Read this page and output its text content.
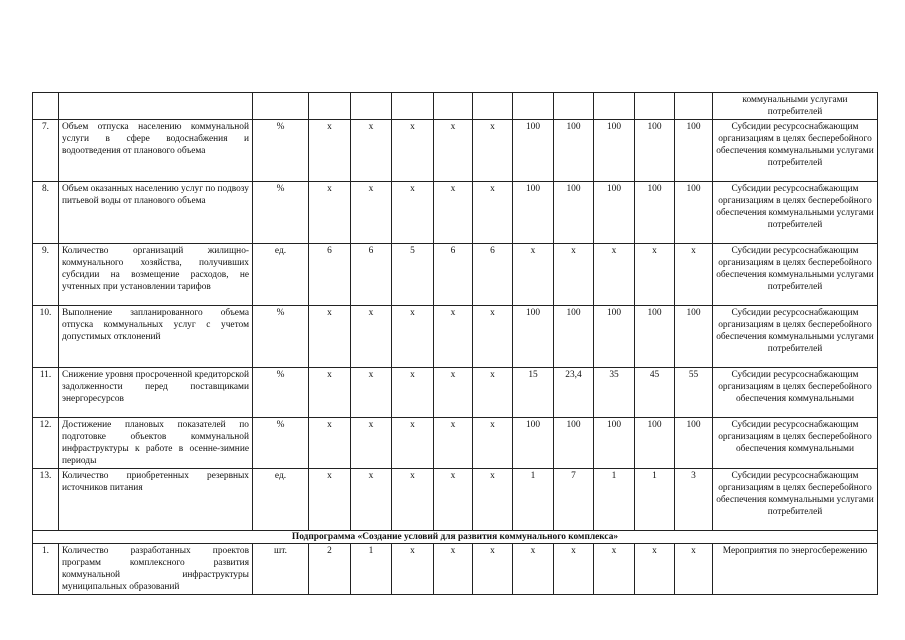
													коммунальными услугами потребителей
7.	Объем отпуска населению коммунальной услуги в сфере водоснабжения и водоотведения от планового объема	%	х	х	х	х	х	100	100	100	100	100	Субсидии ресурсоснабжающим организациям в целях бесперебойного обеспечения коммунальными услугами потребителей
8.	Объем оказанных населению услуг по подвозу питьевой воды от планового объема	%	х	х	х	х	х	100	100	100	100	100	Субсидии ресурсоснабжающим организациям в целях бесперебойного обеспечения коммунальными услугами потребителей
9.	Количество организаций жилищно-коммунального хозяйства, получивших субсидии на возмещение расходов, не учтенных при установлении тарифов	ед.	6	6	5	6	6	х	х	х	х	х	Субсидии ресурсоснабжающим организациям в целях бесперебойного обеспечения коммунальными услугами потребителей
10.	Выполнение запланированного объема отпуска коммунальных услуг с учетом допустимых отклонений	%	х	х	х	х	х	100	100	100	100	100	Субсидии ресурсоснабжающим организациям в целях бесперебойного обеспечения коммунальными услугами потребителей
11.	Снижение уровня просроченной кредиторской задолженности перед поставщиками энергоресурсов	%	х	х	х	х	х	15	23,4	35	45	55	Субсидии ресурсоснабжающим организациям в целях бесперебойного обеспечения коммунальными
12.	Достижение плановых показателей по подготовке объектов коммунальной инфраструктуры к работе в осенне-зимние периоды	%	х	х	х	х	х	100	100	100	100	100	Субсидии ресурсоснабжающим организациям в целях бесперебойного обеспечения коммунальными
13.	Количество приобретенных резервных источников питания	ед.	х	х	х	х	х	1	7	1	1	3	Субсидии ресурсоснабжающим организациям в целях бесперебойного обеспечения коммунальными услугами потребителей
Подпрограмма «Создание условий для развития коммунального комплекса»													
1.	Количество разработанных проектов программ комплексного развития коммунальной инфраструктуры муниципальных образований	шт.	2	1	х	х	х	х	х	х	х	х	Мероприятия по энергосбережению
